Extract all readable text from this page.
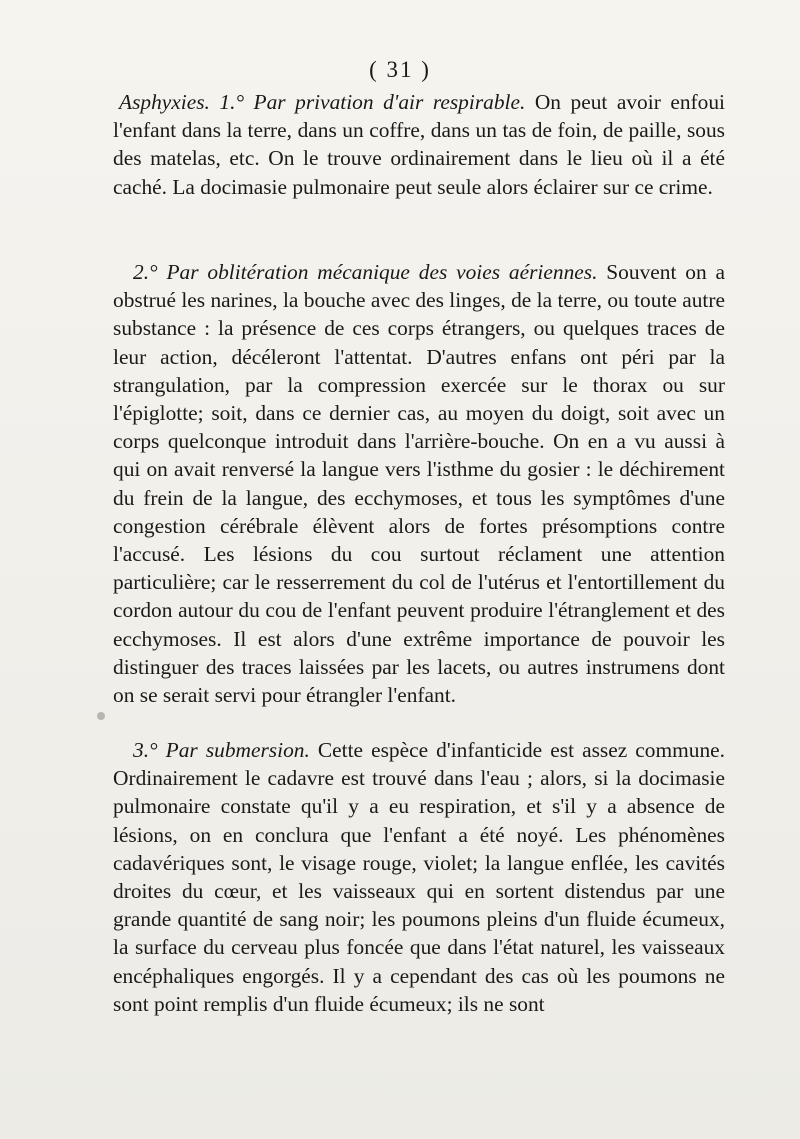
( 31 )

Asphyxies. 1.° Par privation d'air respirable. On peut avoir enfoui l'enfant dans la terre, dans un coffre, dans un tas de foin, de paille, sous des matelas, etc. On le trouve ordinairement dans le lieu où il a été caché. La docimasie pulmonaire peut seule alors éclairer sur ce crime.

2.° Par oblitération mécanique des voies aériennes. Souvent on a obstrué les narines, la bouche avec des linges, de la terre, ou toute autre substance : la présence de ces corps étrangers, ou quelques traces de leur action, décéleront l'attentat. D'autres enfans ont péri par la strangulation, par la compression exercée sur le thorax ou sur l'épiglotte; soit, dans ce dernier cas, au moyen du doigt, soit avec un corps quelconque introduit dans l'arrière-bouche. On en a vu aussi à qui on avait renversé la langue vers l'isthme du gosier : le déchirement du frein de la langue, des ecchymoses, et tous les symptômes d'une congestion cérébrale élèvent alors de fortes présomptions contre l'accusé. Les lésions du cou surtout réclament une attention particulière; car le resserrement du col de l'utérus et l'entortillement du cordon autour du cou de l'enfant peuvent produire l'étranglement et des ecchymoses. Il est alors d'une extrême importance de pouvoir les distinguer des traces laissées par les lacets, ou autres instrumens dont on se serait servi pour étrangler l'enfant.

3.° Par submersion. Cette espèce d'infanticide est assez commune. Ordinairement le cadavre est trouvé dans l'eau ; alors, si la docimasie pulmonaire constate qu'il y a eu respiration, et s'il y a absence de lésions, on en conclura que l'enfant a été noyé. Les phénomènes cadavériques sont, le visage rouge, violet; la langue enflée, les cavités droites du cœur, et les vaisseaux qui en sortent distendus par une grande quantité de sang noir; les poumons pleins d'un fluide écumeux, la surface du cerveau plus foncée que dans l'état naturel, les vaisseaux encéphaliques engorgés. Il y a cependant des cas où les poumons ne sont point remplis d'un fluide écumeux; ils ne sont
